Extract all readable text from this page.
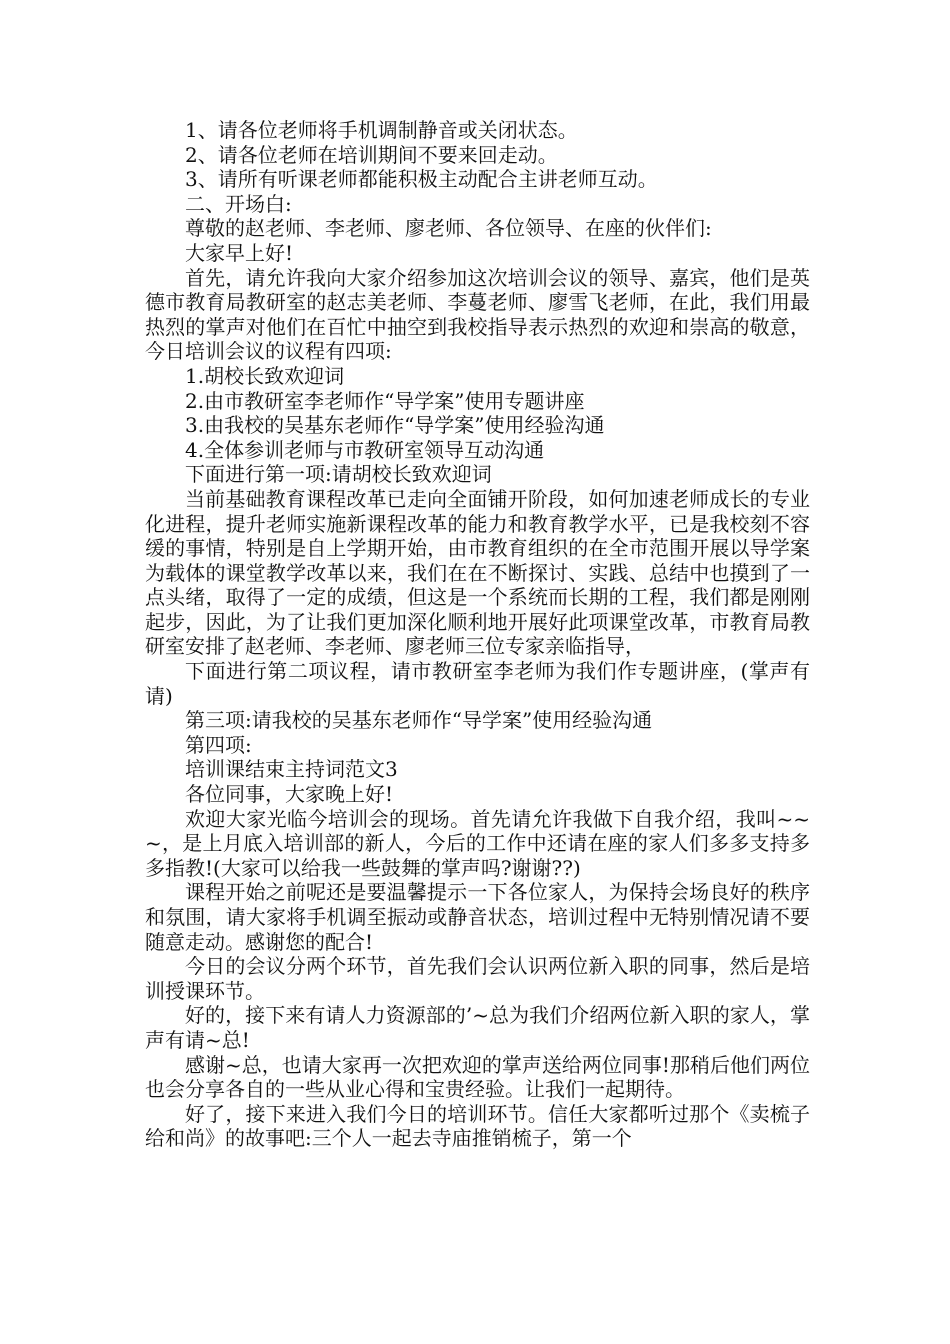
1、请各位老师将手机调制静音或关闭状态。

2、请各位老师在培训期间不要来回走动。

3、请所有听课老师都能积极主动配合主讲老师互动。

二、开场白:

尊敬的赵老师、李老师、廖老师、各位领导、在座的伙伴们:

大家早上好!

首先，请允许我向大家介绍参加这次培训会议的领导、嘉宾，他们是英德市教育局教研室的赵志美老师、李蔓老师、廖雪飞老师，在此，我们用最热烈的掌声对他们在百忙中抽空到我校指导表示热烈的欢迎和崇高的敬意，今日培训会议的议程有四项:

1.胡校长致欢迎词

2.由市教研室李老师作“导学案”使用专题讲座

3.由我校的吴基东老师作“导学案”使用经验沟通

4.全体参训老师与市教研室领导互动沟通

下面进行第一项:请胡校长致欢迎词

当前基础教育课程改革已走向全面铺开阶段，如何加速老师成长的专业化进程，提升老师实施新课程改革的能力和教育教学水平，已是我校刻不容缓的事情，特别是自上学期开始，由市教育组织的在全市范围开展以导学案为载体的课堂教学改革以来，我们在在不断探讨、实践、总结中也摸到了一点头绪，取得了一定的成绩，但这是一个系统而长期的工程，我们都是刚刚起步，因此，为了让我们更加深化顺利地开展好此项课堂改革，市教育局教研室安排了赵老师、李老师、廖老师三位专家亲临指导，

下面进行第二项议程，请市教研室李老师为我们作专题讲座，(掌声有请)

第三项:请我校的吴基东老师作“导学案”使用经验沟通

第四项:

培训课结束主持词范文3

各位同事，大家晚上好!

欢迎大家光临今培训会的现场。首先请允许我做下自我介绍，我叫~~~，是上月底入培训部的新人，今后的工作中还请在座的家人们多多支持多多指教!(大家可以给我一些鼓舞的掌声吗?谢谢??)

课程开始之前呢还是要温馨提示一下各位家人，为保持会场良好的秩序和氛围，请大家将手机调至振动或静音状态，培训过程中无特别情况请不要随意走动。感谢您的配合!

今日的会议分两个环节，首先我们会认识两位新入职的同事，然后是培训授课环节。

好的，接下来有请人力资源部的’~总为我们介绍两位新入职的家人，掌声有请~总!

感谢~总，也请大家再一次把欢迎的掌声送给两位同事!那稍后他们两位也会分享各自的一些从业心得和宝贵经验。让我们一起期待。

好了，接下来进入我们今日的培训环节。信任大家都听过那个《卖梳子给和尚》的故事吧:三个人一起去寺庙推销梳子，第一个
